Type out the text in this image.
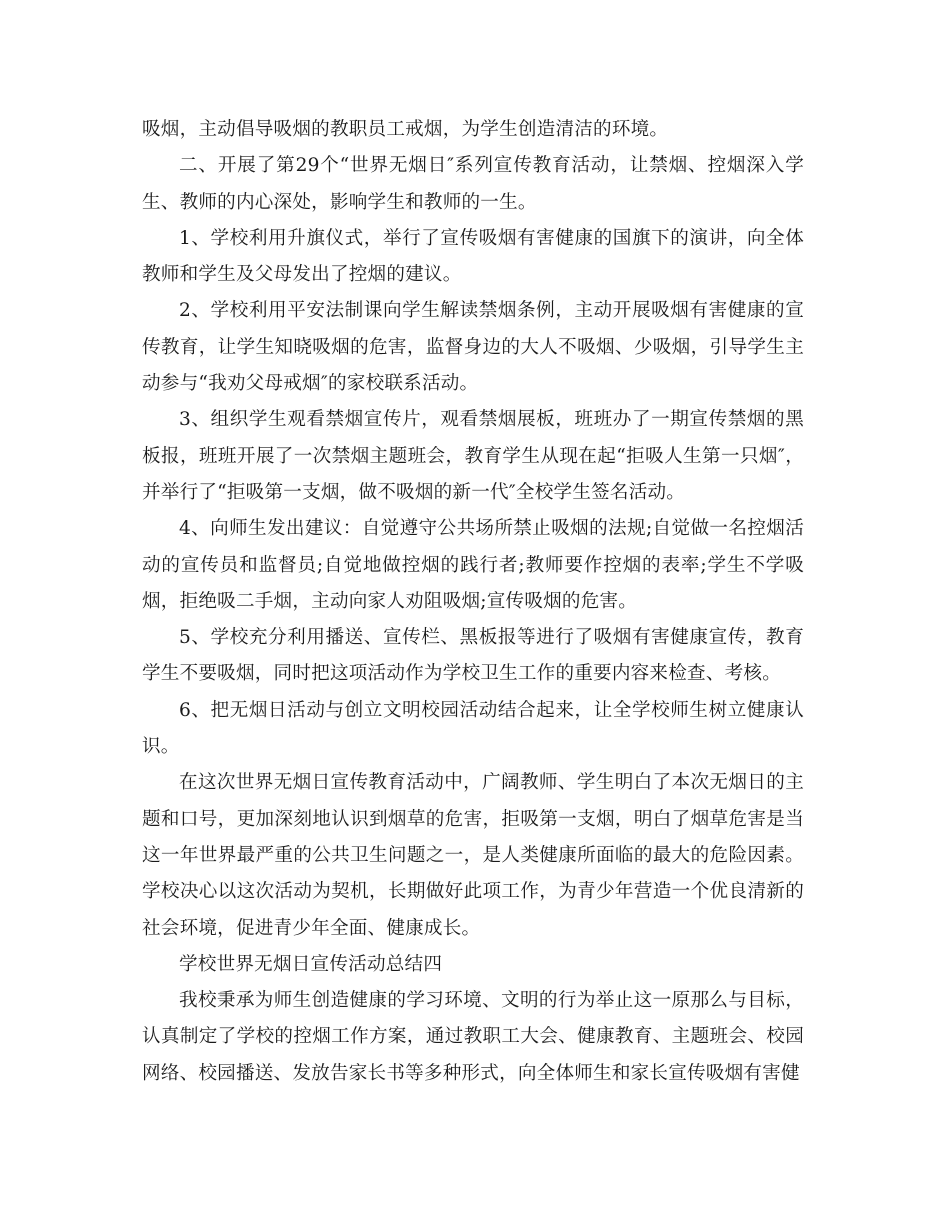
吸烟，主动倡导吸烟的教职员工戒烟，为学生创造清洁的环境。

二、开展了第29个“世界无烟日″系列宣传教育活动，让禁烟、控烟深入学生、教师的内心深处，影响学生和教师的一生。

1、学校利用升旗仪式，举行了宣传吸烟有害健康的国旗下的演讲，向全体教师和学生及父母发出了控烟的建议。

2、学校利用平安法制课向学生解读禁烟条例，主动开展吸烟有害健康的宣传教育，让学生知晓吸烟的危害，监督身边的大人不吸烟、少吸烟，引导学生主动参与“我劝父母戒烟″的家校联系活动。

3、组织学生观看禁烟宣传片，观看禁烟展板，班班办了一期宣传禁烟的黑板报，班班开展了一次禁烟主题班会，教育学生从现在起“拒吸人生第一只烟″，并举行了“拒吸第一支烟，做不吸烟的新一代″全校学生签名活动。

4、向师生发出建议：自觉遵守公共场所禁止吸烟的法规;自觉做一名控烟活动的宣传员和监督员;自觉地做控烟的践行者;教师要作控烟的表率;学生不学吸烟，拒绝吸二手烟，主动向家人劝阻吸烟;宣传吸烟的危害。

5、学校充分利用播送、宣传栏、黑板报等进行了吸烟有害健康宣传，教育学生不要吸烟，同时把这项活动作为学校卫生工作的重要内容来检查、考核。

6、把无烟日活动与创立文明校园活动结合起来，让全学校师生树立健康认识。

在这次世界无烟日宣传教育活动中，广阔教师、学生明白了本次无烟日的主题和口号，更加深刻地认识到烟草的危害，拒吸第一支烟，明白了烟草危害是当这一年世界最严重的公共卫生问题之一，是人类健康所面临的最大的危险因素。学校决心以这次活动为契机，长期做好此项工作，为青少年营造一个优良清新的社会环境，促进青少年全面、健康成长。

学校世界无烟日宣传活动总结四

我校秉承为师生创造健康的学习环境、文明的行为举止这一原那么与目标，认真制定了学校的控烟工作方案，通过教职工大会、健康教育、主题班会、校园网络、校园播送、发放告家长书等多种形式，向全体师生和家长宣传吸烟有害健
